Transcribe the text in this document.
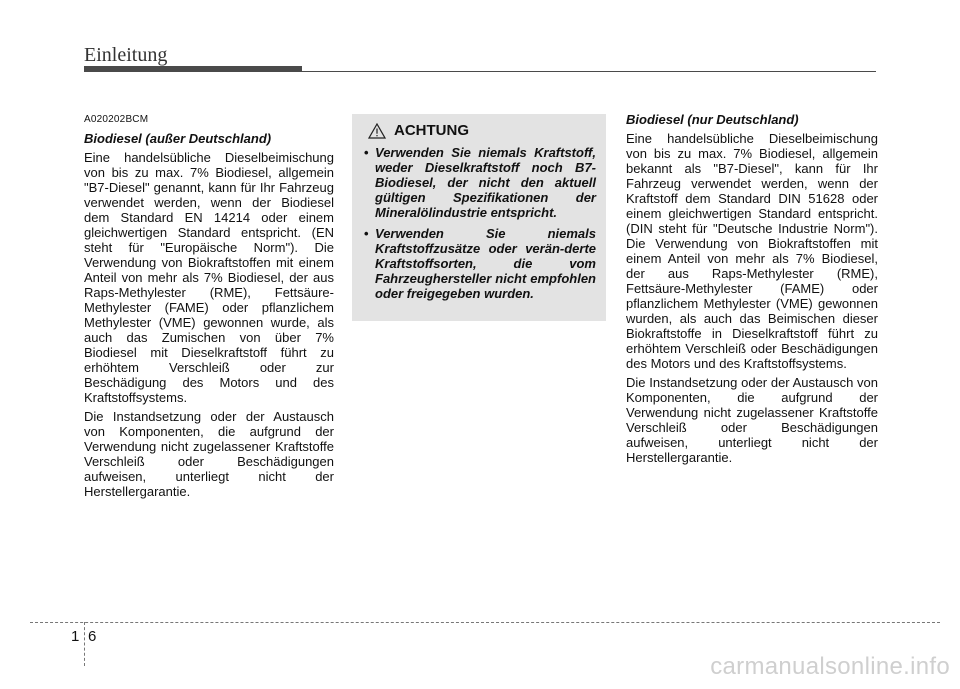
Einleitung

A020202BCM

Biodiesel (außer Deutschland)

Eine handelsübliche Dieselbeimischung von bis zu max. 7% Biodiesel, allgemein "B7-Diesel" genannt, kann für Ihr Fahrzeug verwendet werden, wenn der Biodiesel dem Standard EN 14214 oder einem gleichwertigen Standard entspricht. (EN steht für "Europäische Norm"). Die Verwendung von Biokraftstoffen mit einem Anteil von mehr als 7% Biodiesel, der aus Raps-Methylester (RME), Fettsäure-Methylester (FAME) oder pflanzlichem Methylester (VME) gewonnen wurde, als auch das Zumischen von über 7% Biodiesel mit Dieselkraftstoff führt zu erhöhtem Verschleiß oder zur Beschädigung des Motors und des Kraftstoffsystems.

Die Instandsetzung oder der Austausch von Komponenten, die aufgrund der Verwendung nicht zugelassener Kraftstoffe Verschleiß oder Beschädigungen aufweisen, unterliegt nicht der Herstellergarantie.

ACHTUNG
• Verwenden Sie niemals Kraftstoff, weder Dieselkraftstoff noch B7-Biodiesel, der nicht den aktuell gültigen Spezifikationen der Mineralölindustrie entspricht.
• Verwenden Sie niemals Kraftstoffzusätze oder verän-derte Kraftstoffsorten, die vom Fahrzeughersteller nicht empfohlen oder freigegeben wurden.

Biodiesel (nur Deutschland)

Eine handelsübliche Dieselbeimischung von bis zu max. 7% Biodiesel, allgemein bekannt als "B7-Diesel", kann für Ihr Fahrzeug verwendet werden, wenn der Kraftstoff dem Standard DIN 51628 oder einem gleichwertigen Standard entspricht. (DIN steht für "Deutsche Industrie Norm"). Die Verwendung von Biokraftstoffen mit einem Anteil von mehr als 7% Biodiesel, der aus Raps-Methylester (RME), Fettsäure-Methylester (FAME) oder pflanzlichem Methylester (VME) gewonnen wurden, als auch das Beimischen dieser Biokraftstoffe in Dieselkraftstoff führt zu erhöhtem Verschleiß oder Beschädigungen des Motors und des Kraftstoffsystems.

Die Instandsetzung oder der Austausch von Komponenten, die aufgrund der Verwendung nicht zugelassener Kraftstoffe Verschleiß oder Beschädigungen aufweisen, unterliegt nicht der Herstellergarantie.

1 6
carmanualsonline.info
